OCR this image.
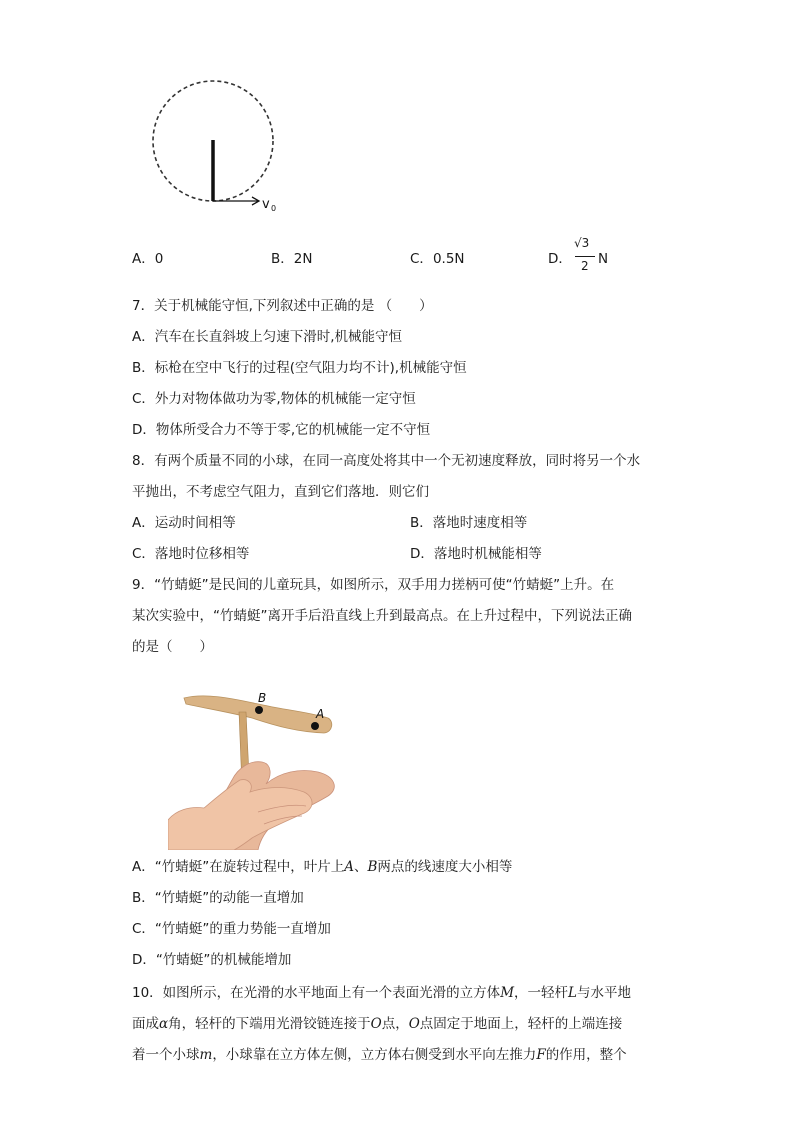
v 0
A．0	B．2N	C．0.5N	D．
√3
2 N
7．关于机械能守恒,下列叙述中正确的是 （　　）
A．汽车在长直斜坡上匀速下滑时,机械能守恒
B．标枪在空中飞行的过程(空气阻力均不计),机械能守恒
C．外力对物体做功为零,物体的机械能一定守恒
D．物体所受合力不等于零,它的机械能一定不守恒
8．有两个质量不同的小球，在同一高度处将其中一个无初速度释放，同时将另一个水
平抛出，不考虑空气阻力，直到它们落地．则它们
A．运动时间相等	B．落地时速度相等
C．落地时位移相等	D．落地时机械能相等
9．“竹蜻蜓”是民间的儿童玩具，如图所示，双手用力搓柄可使“竹蜻蜓”上升。在
某次实验中，“竹蜻蜓”离开手后沿直线上升到最高点。在上升过程中，下列说法正确
的是（　　）
B
A
A．“竹蜻蜓”在旋转过程中，叶片上A、B两点的线速度大小相等
B．“竹蜻蜓”的动能一直增加
C．“竹蜻蜓”的重力势能一直增加
D．“竹蜻蜓”的机械能增加
10．如图所示，在光滑的水平地面上有一个表面光滑的立方体M，一轻杆L与水平地
面成α角，轻杆的下端用光滑铰链连接于O点，O点固定于地面上，轻杆的上端连接
着一个小球m，小球靠在立方体左侧，立方体右侧受到水平向左推力F的作用，整个
